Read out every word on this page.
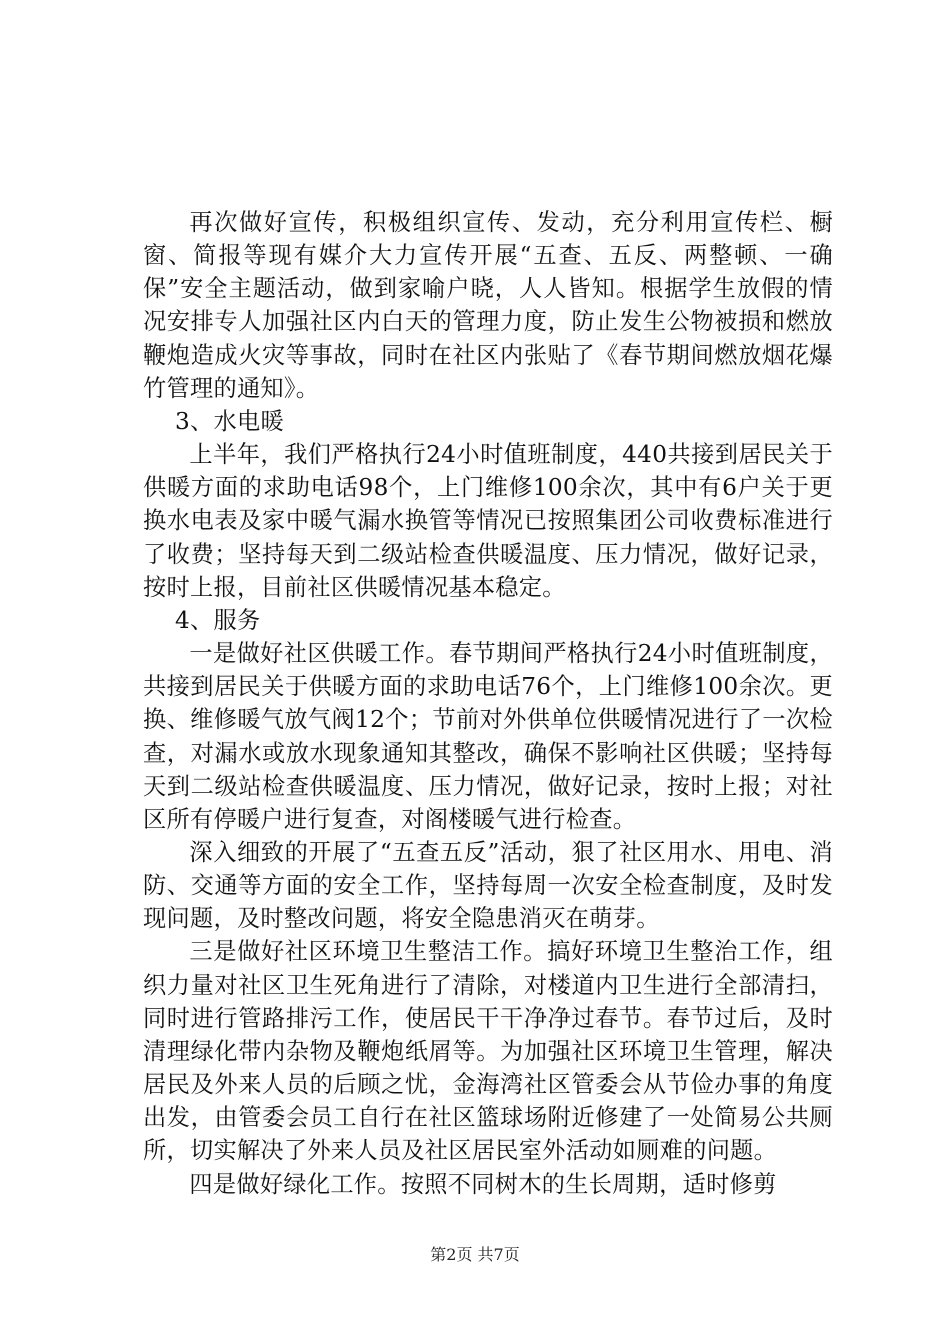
再次做好宣传，积极组织宣传、发动，充分利用宣传栏、橱窗、简报等现有媒介大力宣传开展“五查、五反、两整顿、一确保”安全主题活动，做到家喻户晓，人人皆知。根据学生放假的情况安排专人加强社区内白天的管理力度，防止发生公物被损和燃放鞭炮造成火灾等事故，同时在社区内张贴了《春节期间燃放烟花爆竹管理的通知》。

3、水电暖

上半年，我们严格执行24小时值班制度，440共接到居民关于供暖方面的求助电话98个，上门维修100余次，其中有6户关于更换水电表及家中暖气漏水换管等情况已按照集团公司收费标准进行了收费；坚持每天到二级站检查供暖温度、压力情况，做好记录，按时上报，目前社区供暖情况基本稳定。

4、服务

一是做好社区供暖工作。春节期间严格执行24小时值班制度，共接到居民关于供暖方面的求助电话76个，上门维修100余次。更换、维修暖气放气阀12个；节前对外供单位供暖情况进行了一次检查，对漏水或放水现象通知其整改，确保不影响社区供暖；坚持每天到二级站检查供暖温度、压力情况，做好记录，按时上报；对社区所有停暖户进行复查，对阁楼暖气进行检查。

深入细致的开展了“五查五反”活动，狠了社区用水、用电、消防、交通等方面的安全工作，坚持每周一次安全检查制度，及时发现问题，及时整改问题，将安全隐患消灭在萌芽。

三是做好社区环境卫生整洁工作。搞好环境卫生整治工作，组织力量对社区卫生死角进行了清除，对楼道内卫生进行全部清扫，同时进行管路排污工作，使居民干干净净过春节。春节过后，及时清理绿化带内杂物及鞭炮纸屑等。为加强社区环境卫生管理，解决居民及外来人员的后顾之忧，金海湾社区管委会从节俭办事的角度出发，由管委会员工自行在社区篮球场附近修建了一处简易公共厕所，切实解决了外来人员及社区居民室外活动如厕难的问题。

四是做好绿化工作。按照不同树木的生长周期，适时修剪

第2页 共7页
